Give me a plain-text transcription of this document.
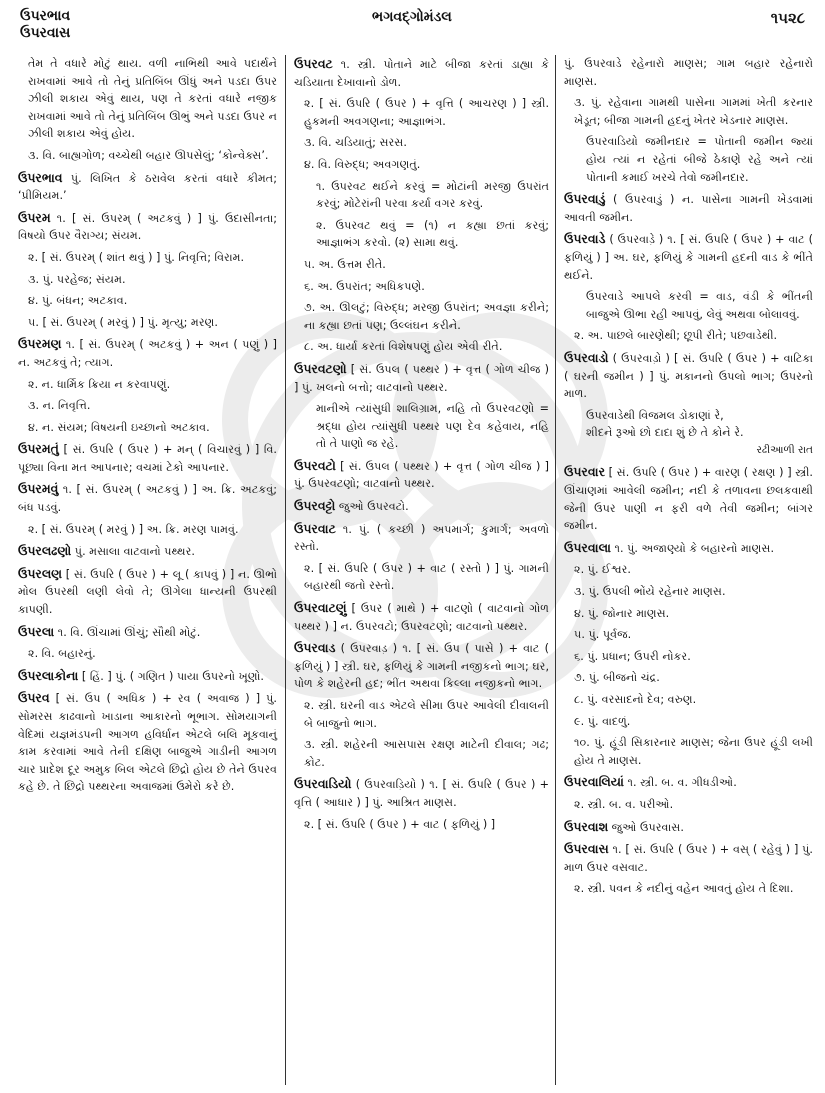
ઉપરભાવ
ઉપરવાસ
ભગવદ્ગોમંડલ	૧૫૨૮

તેમ તે વધારે મોટું થાય. વળી નાભિથી આવે પદાર્થને રાખવામાં આવે તો તેનું પ્રતિબિંબ ઊંધું અને પડદા ઉપર ઝીલી શકાય એવું થાય, પણ તે કરતાં વધારે નજીક રાખવામાં આવે તો તેનું પ્રતિબિંબ ઊભું અને પડદા ઉપર ન ઝીલી શકાય એવું હોય.

૩. વિ. બાહ્યગોળ; વચ્ચેથી બહાર ઊપસેલું; ‘કોન્વેક્સ’.

ઉપરભાવ પું. લિખિત કે ઠરાવેલ કરતાં વધારે કીમત; ‘પ્રીમિયમ.’

ઉપરમ ૧. [ સં. ઉપરમ્ ( અટકવું ) ] પું. ઉદાસીનતા; વિષયો ઉપર વૈરાગ્ય; સંયમ.

૨. [ સં. ઉપરમ્ ( શાંત થવું ) ] પું. નિવૃત્તિ; વિરામ.

૩. પું. પરહેજ; સંયમ.

૪. પું. બંધન; અટકાવ.

૫. [ સં. ઉપરમ્ ( મરવું ) ] પું. મૃત્યુ; મરણ.

ઉપરમણ ૧. [ સં. ઉપરમ્ ( અટકવું ) + અન ( પણું ) ] ન. અટકવું તે; ત્યાગ.

૨. ન. ધાર્મિક ક્રિયા ન કરવાપણું.

૩. ન. નિવૃત્તિ.

૪. ન. સંયમ; વિષયની ઇચ્છાનો અટકાવ.

ઉપરમતું [ સં. ઉપરિ ( ઉપર ) + મન્ ( વિચારવું ) ] વિ. પૂછ્યા વિના મત આપનાર; વચમાં ટેકો આપનાર.

ઉપરમવું ૧. [ સં. ઉપરમ્ ( અટકવું ) ] અ. ક્રિ. અટકવું; બંધ પડવું.

૨. [ સં. ઉપરમ્ ( મરવું ) ] અ. ક્રિ. મરણ પામવું.

ઉપરલઢણો પું. મસાલા વાટવાનો પથ્થર.

ઉપરલણ [ સં. ઉપરિ ( ઉપર ) + લૂ ( કાપવું ) ] ન. ઊભો મોલ ઉપરથી લણી લેવો તે; ઊગેલા ધાન્યની ઉપરથી કાપણી.

ઉપરલા ૧. વિ. ઊંચામાં ઊંચું; સૌથી મોટું.

૨. વિ. બહારનું.

ઉપરલાકોના [ હિં. ] પું. ( ગણિત ) પાયા ઉપરનો ખૂણો.

ઉપરવ [ સં. ઉપ ( અધિક ) + રવ ( અવાજ ) ] પું. સોમરસ કાઢવાનો ખાડાના આકારનો ભૂભાગ. સોમયાગની વેદિમાં યજ્ઞમંડપની આગળ હવિર્ધાન એટલે બલિ મૂકવાનું કામ કરવામાં આવે તેની દક્ષિણ બાજુએ ગાડીની આગળ ચાર પ્રાદેશ દૂર અમુક બિલ એટલે છિદ્રો હોય છે તેને ઉપરવ કહે છે. તે છિદ્રો પથ્થરના અવાજમાં ઉમેરો કરે છે.

ઉપરવટ ૧. સ્ત્રી. પોતાને માટે બીજા કરતાં ડાહ્યા કે ચડિયાતા દેખાવાનો ડોળ.

૨. [ સં. ઉપરિ ( ઉપર ) + વૃત્તિ ( આચરણ ) ] સ્ત્રી. હુકમની અવગણના; આજ્ઞાભંગ.

૩. વિ. ચડિયાતું; સરસ.

૪. વિ. વિરુદ્ધ; અવગણતું.

૧. ઉપરવટ થઈને કરવું = મોટાંની મરજી ઉપરાંત કરવું; મોટેરાંની પરવા કર્યા વગર કરવું.

૨. ઉપરવટ થવું = (૧) ન કહ્યા છતાં કરવું; આજ્ઞાભંગ કરવો. (૨) સામા થવું.

૫. અ. ઉત્તમ રીતે.

૬. અ. ઉપરાંત; અધિકપણે.

૭. અ. ઊલટું; વિરુદ્ધ; મરજી ઉપરાંત; અવજ્ઞા કરીને; ના કહ્યા છતાં પણ; ઉલ્લંઘન કરીને.

૮. અ. ધાર્યા કરતાં વિશેષપણું હોય એવી રીતે.

ઉપરવટણો [ સં. ઉપલ ( પથ્થર ) + વૃત્ત ( ગોળ ચીજ ) ] પું. ખલનો બત્તો; વાટવાનો પથ્થર.

માનીએ ત્યાંસુધી શાલિગ્રામ, નહિ તો ઉપરવટણો = શ્રદ્ધા હોય ત્યાંસુધી પથ્થર પણ દેવ કહેવાય, નહિ તો તે પાણો જ રહે.

ઉપરવટો [ સં. ઉપલ ( પથ્થર ) + વૃત્ત ( ગોળ ચીજ ) ] પું. ઉપરવટણો; વાટવાનો પથ્થર.

ઉપરવટ્ટો જુઓ ઉપરવટો.

ઉપરવાટ ૧. પું. ( કચ્છી ) અપમાર્ગ; કુમાર્ગ; અવળો રસ્તો.

૨. [ સં. ઉપરિ ( ઉપર ) + વાટ ( રસ્તો ) ] પું. ગામની બહારથી જતો રસ્તો.

ઉપરવાટણું [ ઉપર ( માથે ) + વાટણો ( વાટવાનો ગોળ પથ્થર ) ] ન. ઉપરવટો; ઉપરવટણો; વાટવાનો પથ્થર.

ઉપરવાડ ( ઉપરવાડ઼ ) ૧. [ સં. ઉપ ( પાસે ) + વાટ ( ફળિયું ) ] સ્ત્રી. ઘર, ફળિયું કે ગામની નજીકનો ભાગ; ઘર, પોળ કે શહેરની હદ; ભીંત અથવા કિલ્લા નજીકનો ભાગ.

૨. સ્ત્રી. ઘરની વાડ એટલે સીમા ઉપર આવેલી દીવાલની બે બાજુનો ભાગ.

૩. સ્ત્રી. શહેરની આસપાસ રક્ષણ માટેની દીવાલ; ગઢ; કોટ.

ઉપરવાડિયો ( ઉપરવાડ઼િયો ) ૧. [ સં. ઉપરિ ( ઉપર ) + વૃત્તિ ( આધાર ) ] પું. આશ્રિત માણસ.

૨. [ સં. ઉપરિ ( ઉપર ) + વાટ ( ફળિયું ) ]

પું. ઉપરવાડે રહેનારો માણસ; ગામ બહાર રહેનારો માણસ.

૩. પું. રહેવાના ગામથી પાસેના ગામમાં ખેતી કરનાર ખેડૂત; બીજા ગામની હદનું ખેતર ખેડનાર માણસ.

ઉપરવાડિયો જમીનદાર = પોતાની જમીન જ્યાં હોય ત્યાં ન રહેતાં બીજે ઠેકાણે રહે અને ત્યાં પોતાની કમાઈ ખરચે તેવો જમીનદાર.

ઉપરવાડું ( ઉપરવાડ઼ું ) ન. પાસેના ગામની ખેડવામાં આવતી જમીન.

ઉપરવાડે ( ઉપરવાડ઼ે ) ૧. [ સં. ઉપરિ ( ઉપર ) + વાટ ( ફળિયું ) ] અ. ઘર, ફળિયું કે ગામની હદની વાડ કે ભીંતે થઈને.

ઉપરવાડે આપલે કરવી = વાડ, વંડી કે ભીંતની બાજુએ ઊભા રહી આપવું, લેવું અથવા બોલાવવું.

૨. અ. પાછલે બારણેથી; છૂપી રીતે; પછવાડેથી.

ઉપરવાડો ( ઉપરવાડ઼ો ) [ સં. ઉપરિ ( ઉપર ) + વાટિકા ( ઘરની જમીન ) ] પું. મકાનનો ઉપલો ભાગ; ઉપરનો માળ.

ઉપરવાડેથી વિજમલ ડોકાણાં રે,
શીદને રૂઓ છો દાદા શું છે તે કોને રે.
રઢીઆળી રાત

ઉપરવાર [ સં. ઉપરિ ( ઉપર ) + વારણ ( રક્ષણ ) ] સ્ત્રી. ઊંચાણમાં આવેલી જમીન; નદી કે તળાવના છલકવાથી જેની ઉપર પાણી ન ફરી વળે તેવી જમીન; બાંગર જમીન.

ઉપરવાલા ૧. પું. અજાણ્યો કે બહારનો માણસ.

૨. પું. ઈશ્વર.

૩. પું. ઉપલી ભોંયે રહેનાર માણસ.

૪. પું. જોનાર માણસ.

૫. પું. પૂર્વજ.

૬. પું. પ્રધાન; ઉપરી નોકર.

૭. પું. બીજનો ચંદ્ર.

૮. પું. વરસાદનો દેવ; વરુણ.

૯. પું. વાદળું.

૧૦. પું. હૂંડી સિકારનાર માણસ; જેના ઉપર હૂંડી લખી હોય તે માણસ.

ઉપરવાલિયાં ૧. સ્ત્રી. બ. વ. ગીધડીઓ.

૨. સ્ત્રી. બ. વ. પરીઓ.

ઉપરવાશ જુઓ ઉપરવાસ.

ઉપરવાસ ૧. [ સં. ઉપરિ ( ઉપર ) + વસ્ ( રહેવું ) ] પું. માળ ઉપર વસવાટ.

૨. સ્ત્રી. પવન કે નદીનું વહેન આવતું હોય તે દિશા.
